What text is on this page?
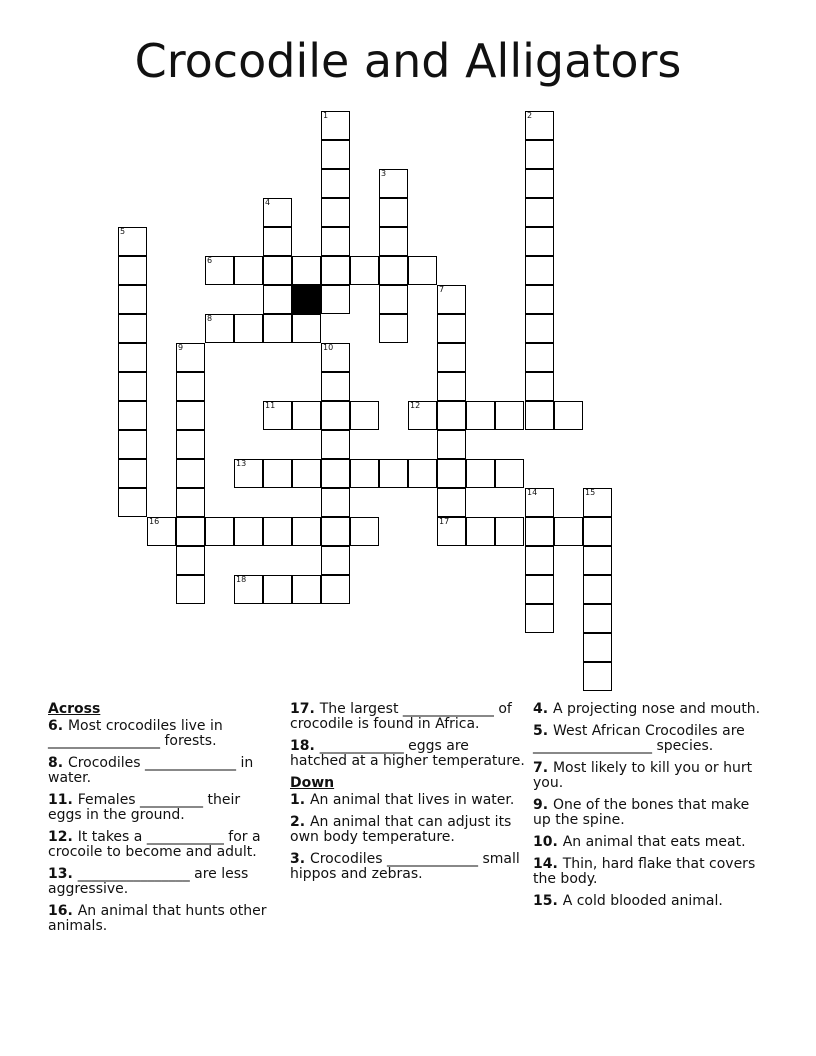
Crocodile and Alligators
1	2
3
4
5
6
7
8
9	10
11	12
13
14	15
16	17
18
Across
6. Most crocodiles live in ________________ forests.
8. Crocodiles _____________ in water.
11. Females _________ their eggs in the ground.
12. It takes a ___________ for a crocoile to become and adult.
13. ________________ are less aggressive.
16. An animal that hunts other animals.
17. The largest _____________ of crocodile is found in Africa.
18. ____________ eggs are hatched at a higher temperature.
Down
1. An animal that lives in water.
2. An animal that can adjust its own body temperature.
3. Crocodiles _____________ small hippos and zebras.
4. A projecting nose and mouth.
5. West African Crocodiles are _________________ species.
7. Most likely to kill you or hurt you.
9. One of the bones that make up the spine.
10. An animal that eats meat.
14. Thin, hard flake that covers the body.
15. A cold blooded animal.
